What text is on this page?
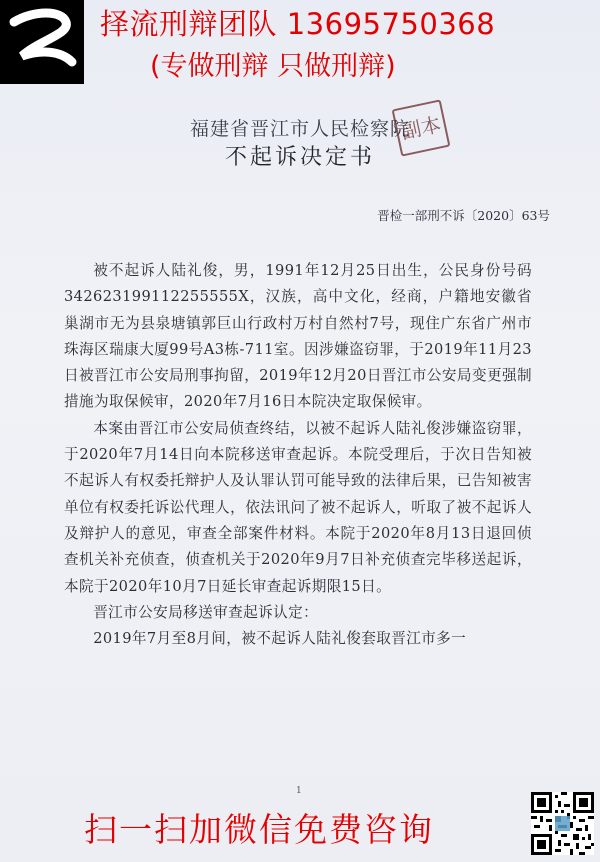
择流刑辩团队 13695750368
(专做刑辩 只做刑辩)
福建省晋江市人民检察院
不起诉决定书
副本
晋检一部刑不诉〔2020〕63号

被不起诉人陆礼俊，男，1991年12月25日出生，公民身份号码342623199112255555X，汉族，高中文化，经商，户籍地安徽省巢湖市无为县泉塘镇郭巨山行政村万村自然村7号，现住广东省广州市珠海区瑞康大厦99号A3栋-711室。因涉嫌盗窃罪，于2019年11月23日被晋江市公安局刑事拘留，2019年12月20日晋江市公安局变更强制措施为取保候审，2020年7月16日本院决定取保候审。

本案由晋江市公安局侦查终结，以被不起诉人陆礼俊涉嫌盗窃罪，于2020年7月14日向本院移送审查起诉。本院受理后，于次日告知被不起诉人有权委托辩护人及认罪认罚可能导致的法律后果，已告知被害单位有权委托诉讼代理人，依法讯问了被不起诉人，听取了被不起诉人及辩护人的意见，审查全部案件材料。本院于2020年8月13日退回侦查机关补充侦查，侦查机关于2020年9月7日补充侦查完毕移送起诉，本院于2020年10月7日延长审查起诉期限15日。

晋江市公安局移送审查起诉认定：

2019年7月至8月间，被不起诉人陆礼俊套取晋江市多一

1
扫一扫加微信免费咨询
